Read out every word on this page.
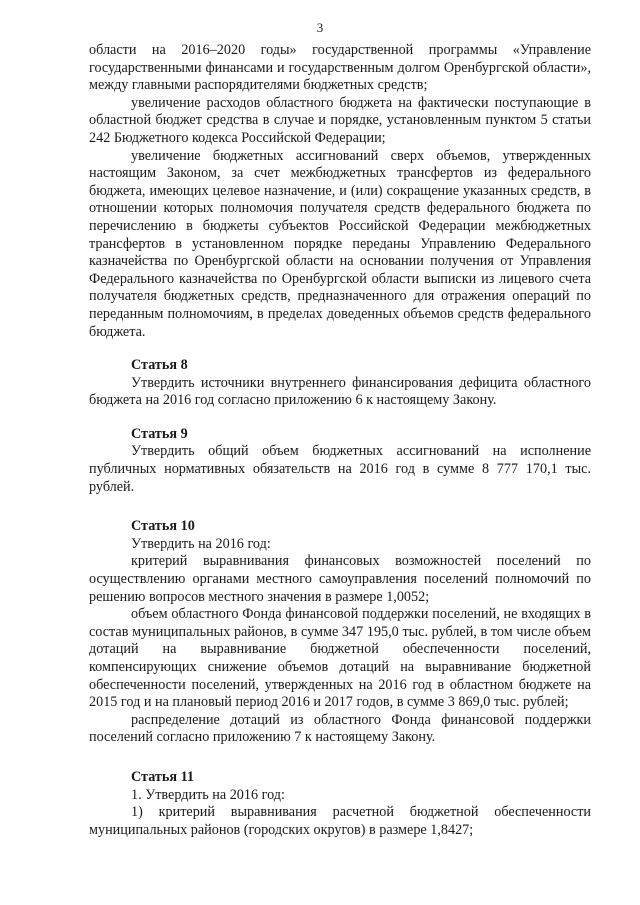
3

области на 2016–2020 годы» государственной программы «Управление государственными финансами и государственным долгом Оренбургской области», между главными распорядителями бюджетных средств;

увеличение расходов областного бюджета на фактически поступающие в областной бюджет средства в случае и порядке, установленным пунктом 5 статьи 242 Бюджетного кодекса Российской Федерации;

увеличение бюджетных ассигнований сверх объемов, утвержденных настоящим Законом, за счет межбюджетных трансфертов из федерального бюджета, имеющих целевое назначение, и (или) сокращение указанных средств, в отношении которых полномочия получателя средств федерального бюджета по перечислению в бюджеты субъектов Российской Федерации межбюджетных трансфертов в установленном порядке переданы Управлению Федерального казначейства по Оренбургской области на основании получения от Управления Федерального казначейства по Оренбургской области выписки из лицевого счета получателя бюджетных средств, предназначенного для отражения операций по переданным полномочиям, в пределах доведенных объемов средств федерального бюджета.

Статья 8

Утвердить источники внутреннего финансирования дефицита областного бюджета на 2016 год согласно приложению 6 к настоящему Закону.

Статья 9

Утвердить общий объем бюджетных ассигнований на исполнение публичных нормативных обязательств на 2016 год в сумме 8 777 170,1 тыс. рублей.

Статья 10

Утвердить на 2016 год:

критерий выравнивания финансовых возможностей поселений по осуществлению органами местного самоуправления поселений полномочий по решению вопросов местного значения в размере 1,0052;

объем областного Фонда финансовой поддержки поселений, не входящих в состав муниципальных районов, в сумме 347 195,0 тыс. рублей, в том числе объем дотаций на выравнивание бюджетной обеспеченности поселений, компенсирующих снижение объемов дотаций на выравнивание бюджетной обеспеченности поселений, утвержденных на 2016 год в областном бюджете на 2015 год и на плановый период 2016 и 2017 годов, в сумме 3 869,0 тыс. рублей;

распределение дотаций из областного Фонда финансовой поддержки поселений согласно приложению 7 к настоящему Закону.

Статья 11

1. Утвердить на 2016 год:

1) критерий выравнивания расчетной бюджетной обеспеченности муниципальных районов (городских округов) в размере 1,8427;
